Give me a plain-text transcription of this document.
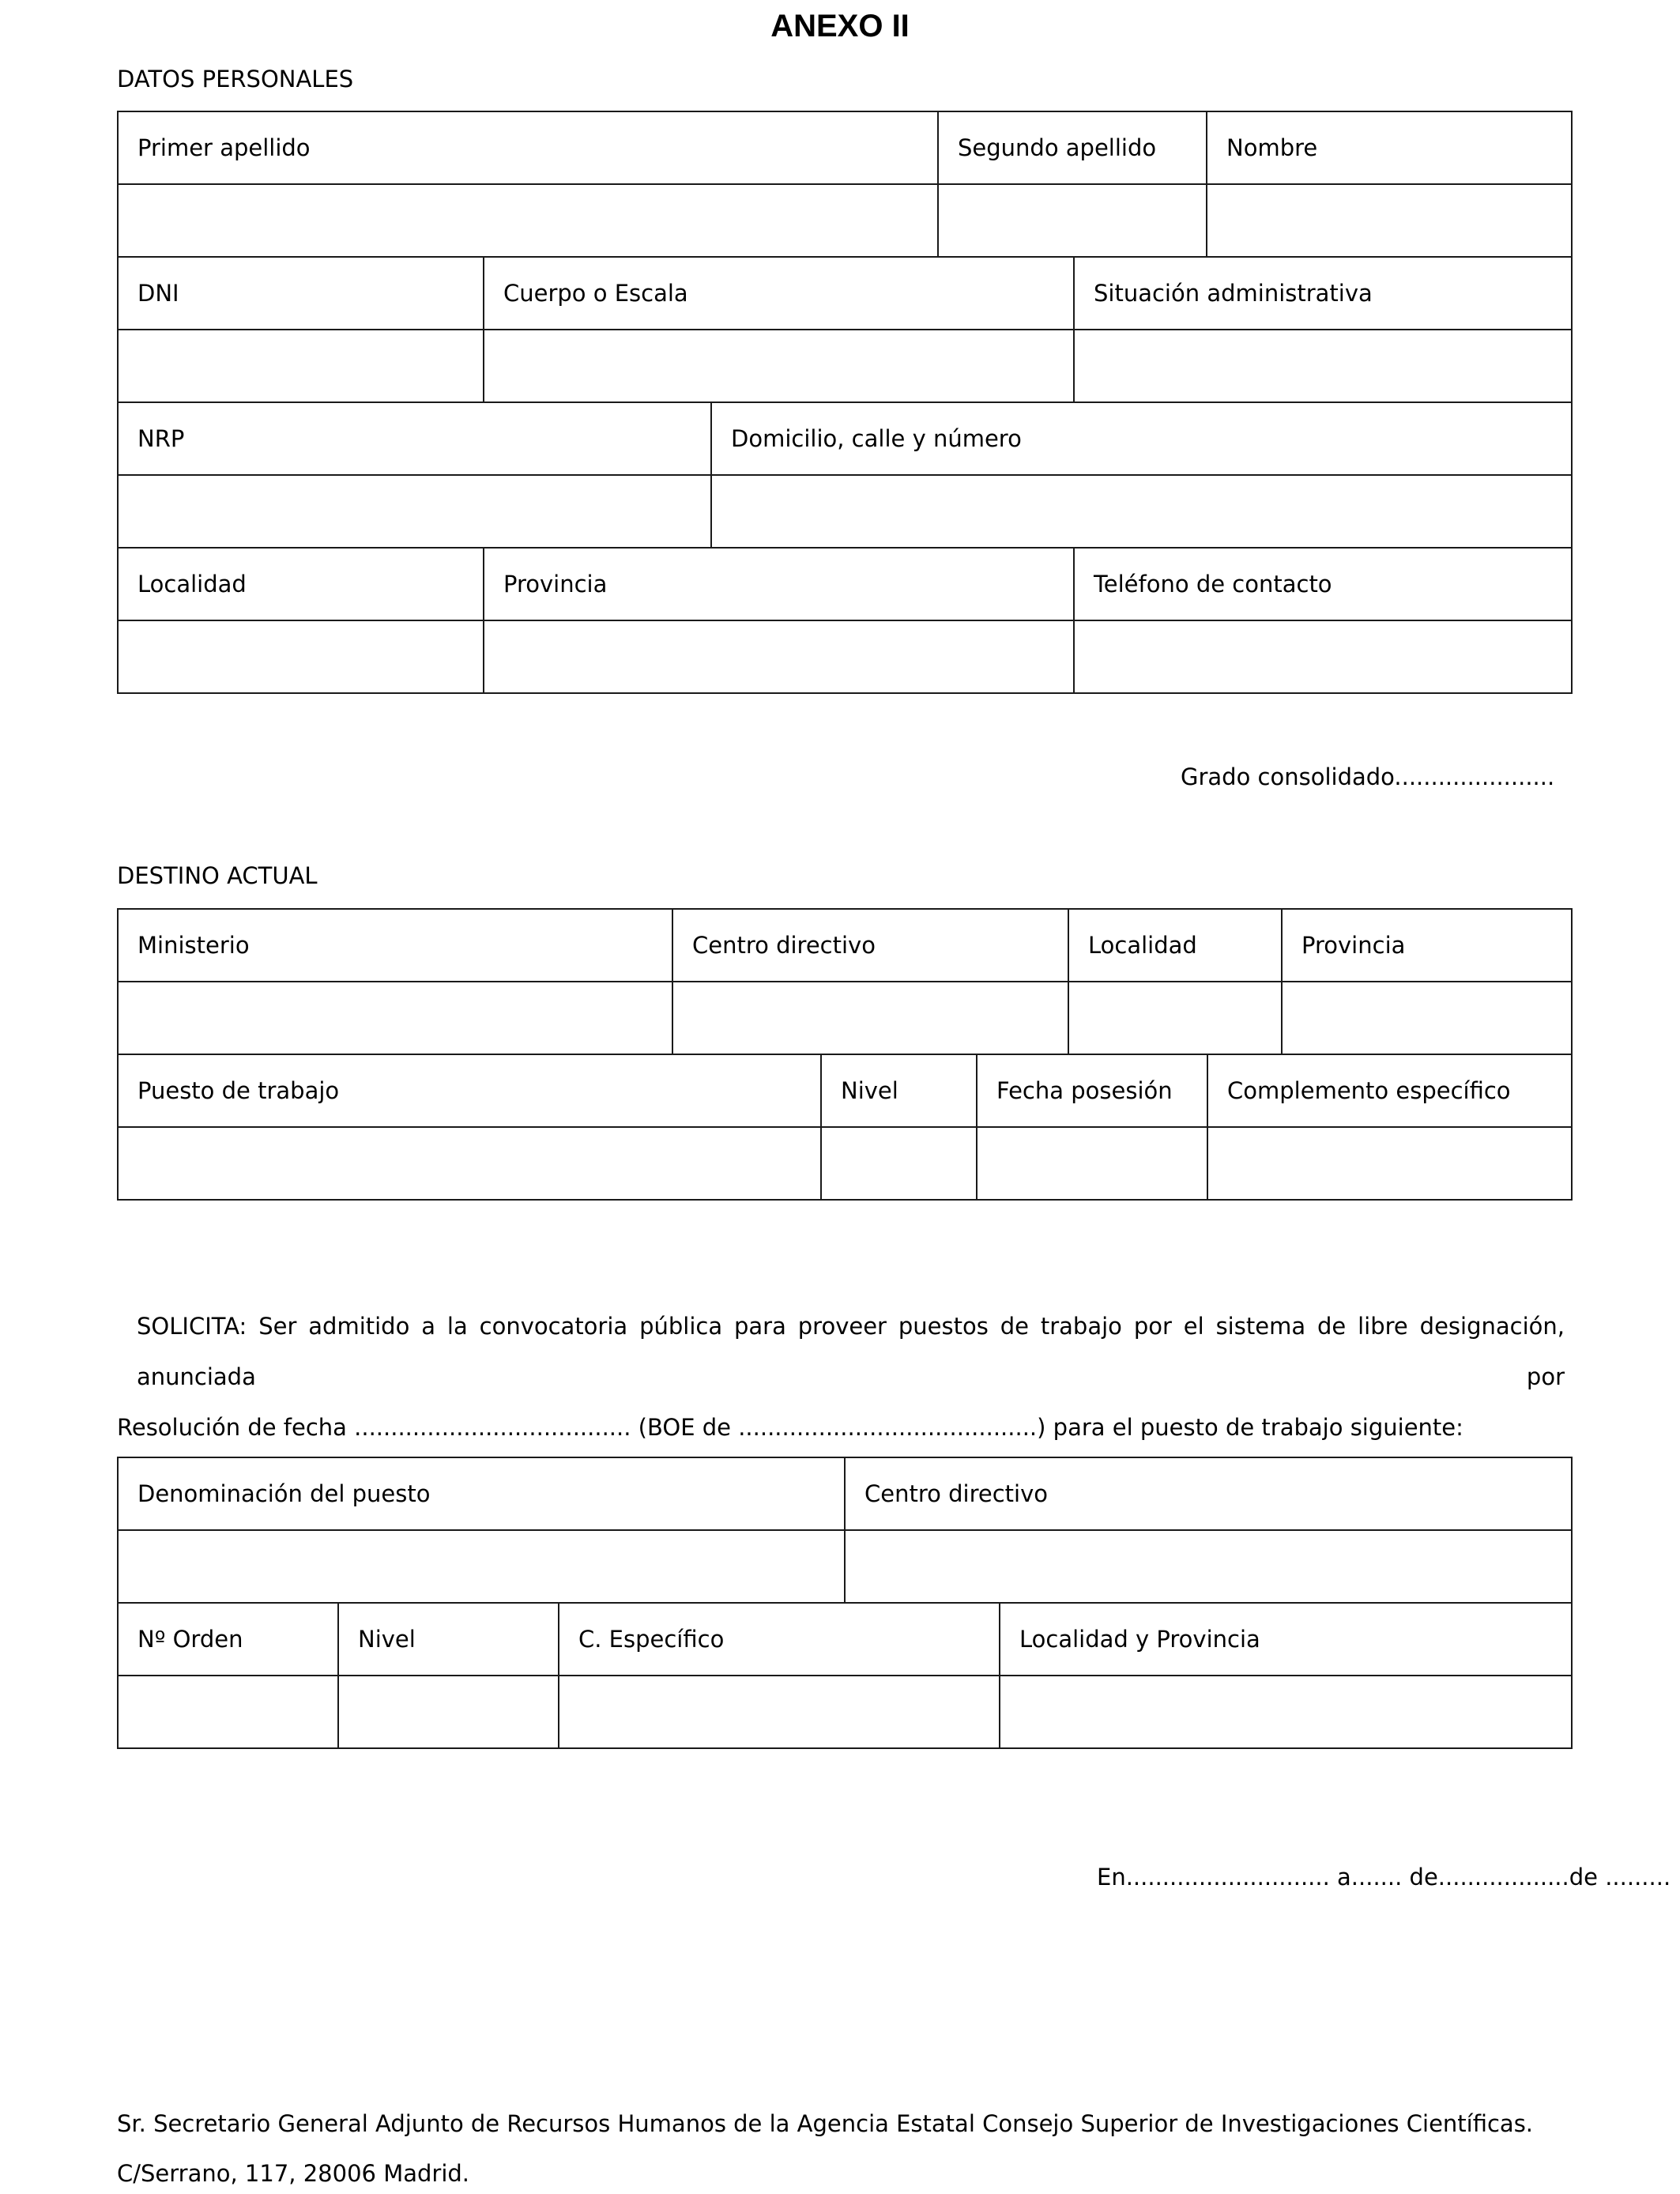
ANEXO II
DATOS PERSONALES
Primer apellido			Segundo apellido		Nombre

DNI	Cuerpo o Escala			Situación administrativa	

NRP		Domicilio, calle y número			

Localidad	Provincia			Teléfono de contacto	

Grado consolidado......................
DESTINO ACTUAL
Ministerio	Centro directivo			Localidad		Provincia

Puesto de trabajo		Nivel	Fecha posesión		Complemento específico	

SOLICITA: Ser admitido a la convocatoria pública para proveer puestos de trabajo por el sistema de libre designación, anunciada por
Resolución de fecha ...................................... (BOE de .........................................) para el puesto de trabajo siguiente:
Denominación del puesto			Centro directivo	

Nº Orden	Nivel	C. Específico		Localidad y Provincia

En............................ a....... de..................de .........
Sr. Secretario General Adjunto de Recursos Humanos de la Agencia Estatal Consejo Superior de Investigaciones Científicas.
C/Serrano, 117, 28006 Madrid.
